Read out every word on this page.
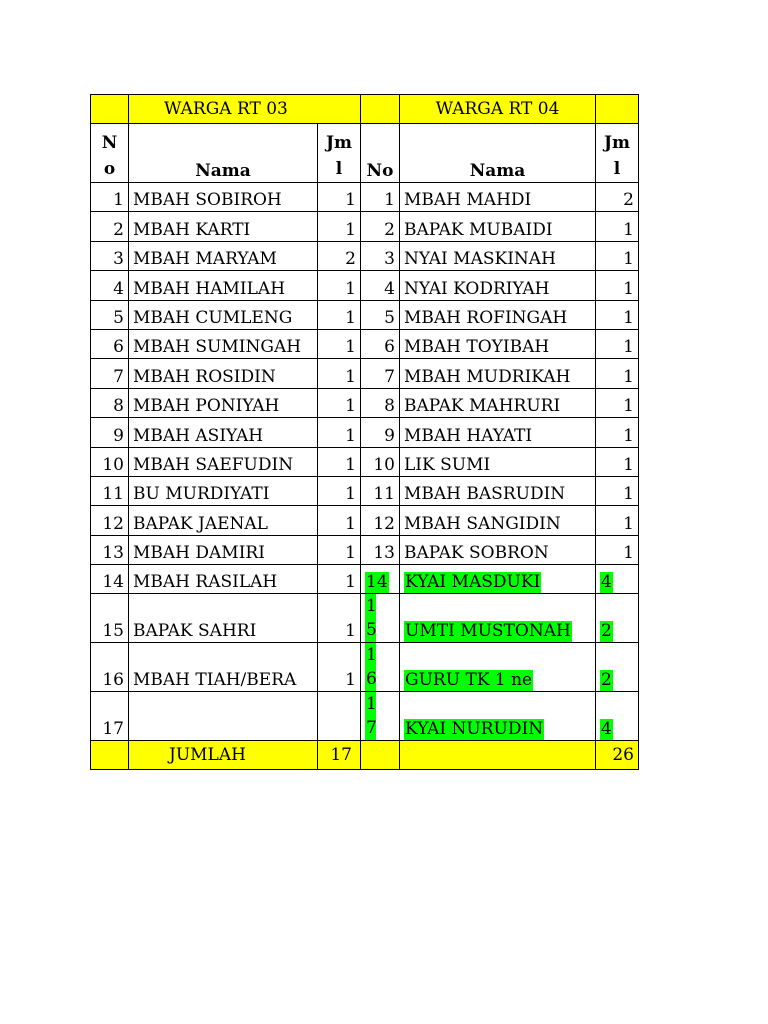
	WARGA RT 03			WARGA RT 04	
N o	Nama	Jm l	No	Nama	Jm l
1	MBAH SOBIROH	1	1	MBAH MAHDI	2
2	MBAH KARTI	1	2	BAPAK MUBAIDI	1
3	MBAH MARYAM	2	3	NYAI MASKINAH	1
4	MBAH HAMILAH	1	4	NYAI KODRIYAH	1
5	MBAH CUMLENG	1	5	MBAH ROFINGAH	1
6	MBAH SUMINGAH	1	6	MBAH TOYIBAH	1
7	MBAH ROSIDIN	1	7	MBAH MUDRIKAH	1
8	MBAH PONIYAH	1	8	BAPAK MAHRURI	1
9	MBAH ASIYAH	1	9	MBAH HAYATI	1
10	MBAH SAEFUDIN	1	10	LIK SUMI	1
11	BU MURDIYATI	1	11	MBAH BASRUDIN	1
12	BAPAK JAENAL	1	12	MBAH SANGIDIN	1
13	MBAH DAMIRI	1	13	BAPAK SOBRON	1
14	MBAH RASILAH	1	14	KYAI MASDUKI	4
15	BAPAK SAHRI	1	15	UMTI MUSTONAH	2
16	MBAH TIAH/BERA	1	16	GURU TK 1 ne	2
17			17	KYAI NURUDIN	4
	JUMLAH	17			26
